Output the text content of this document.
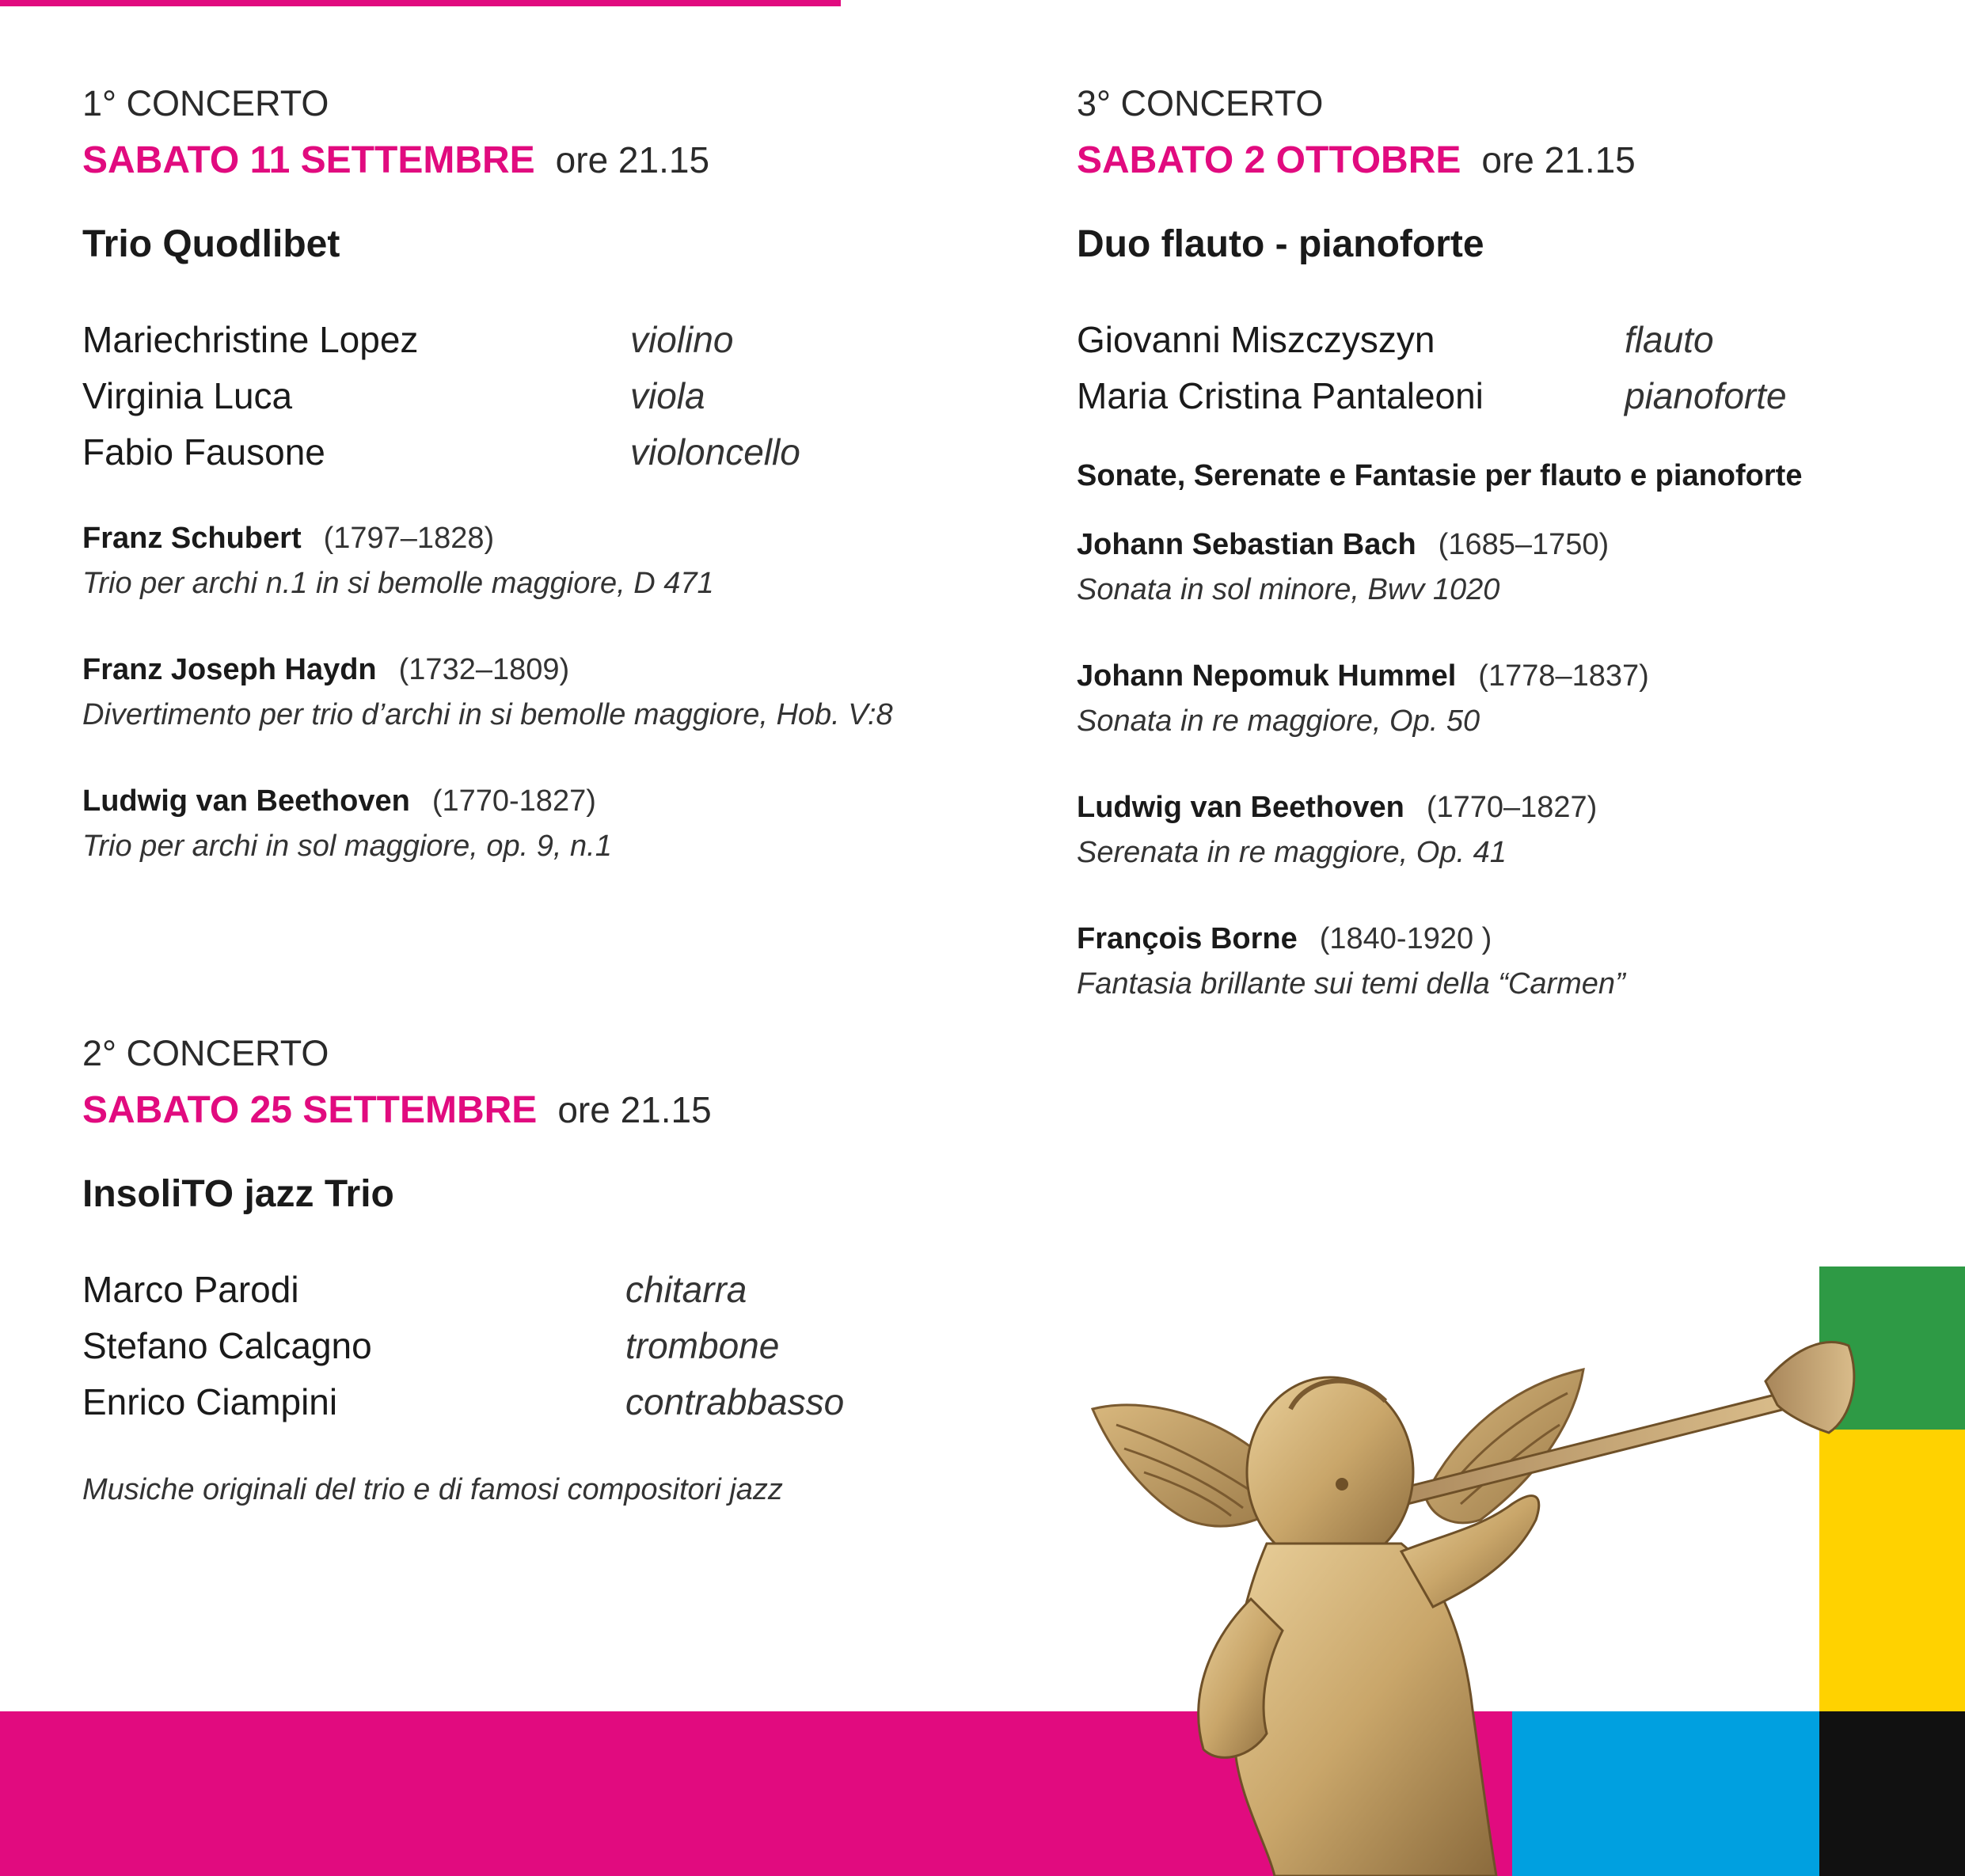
1° CONCERTO
SABATO 11 SETTEMBRE ore 21.15
Trio Quodlibet
Mariechristine Lopez	violino
Virginia Luca	viola
Fabio Fausone	violoncello
Franz Schubert (1797–1828)
Trio per archi n.1 in si bemolle maggiore, D 471
Franz Joseph Haydn (1732–1809)
Divertimento per trio d’archi in si bemolle maggiore, Hob. V:8
Ludwig van Beethoven (1770-1827)
Trio per archi in sol maggiore, op. 9, n.1
2° CONCERTO
SABATO 25 SETTEMBRE ore 21.15
InsoliTO jazz Trio
Marco Parodi	chitarra
Stefano Calcagno	trombone
Enrico Ciampini	contrabbasso
Musiche originali del trio e di famosi compositori jazz
3° CONCERTO
SABATO 2 OTTOBRE ore 21.15
Duo flauto - pianoforte
Giovanni Miszczyszyn	flauto
Maria Cristina Pantaleoni	pianoforte
Sonate, Serenate e Fantasie per flauto e pianoforte
Johann Sebastian Bach (1685–1750)
Sonata in sol minore, Bwv 1020
Johann Nepomuk Hummel (1778–1837)
Sonata in re maggiore, Op. 50
Ludwig van Beethoven (1770–1827)
Serenata in re maggiore, Op. 41
François Borne (1840-1920 )
Fantasia brillante sui temi della “Carmen”
